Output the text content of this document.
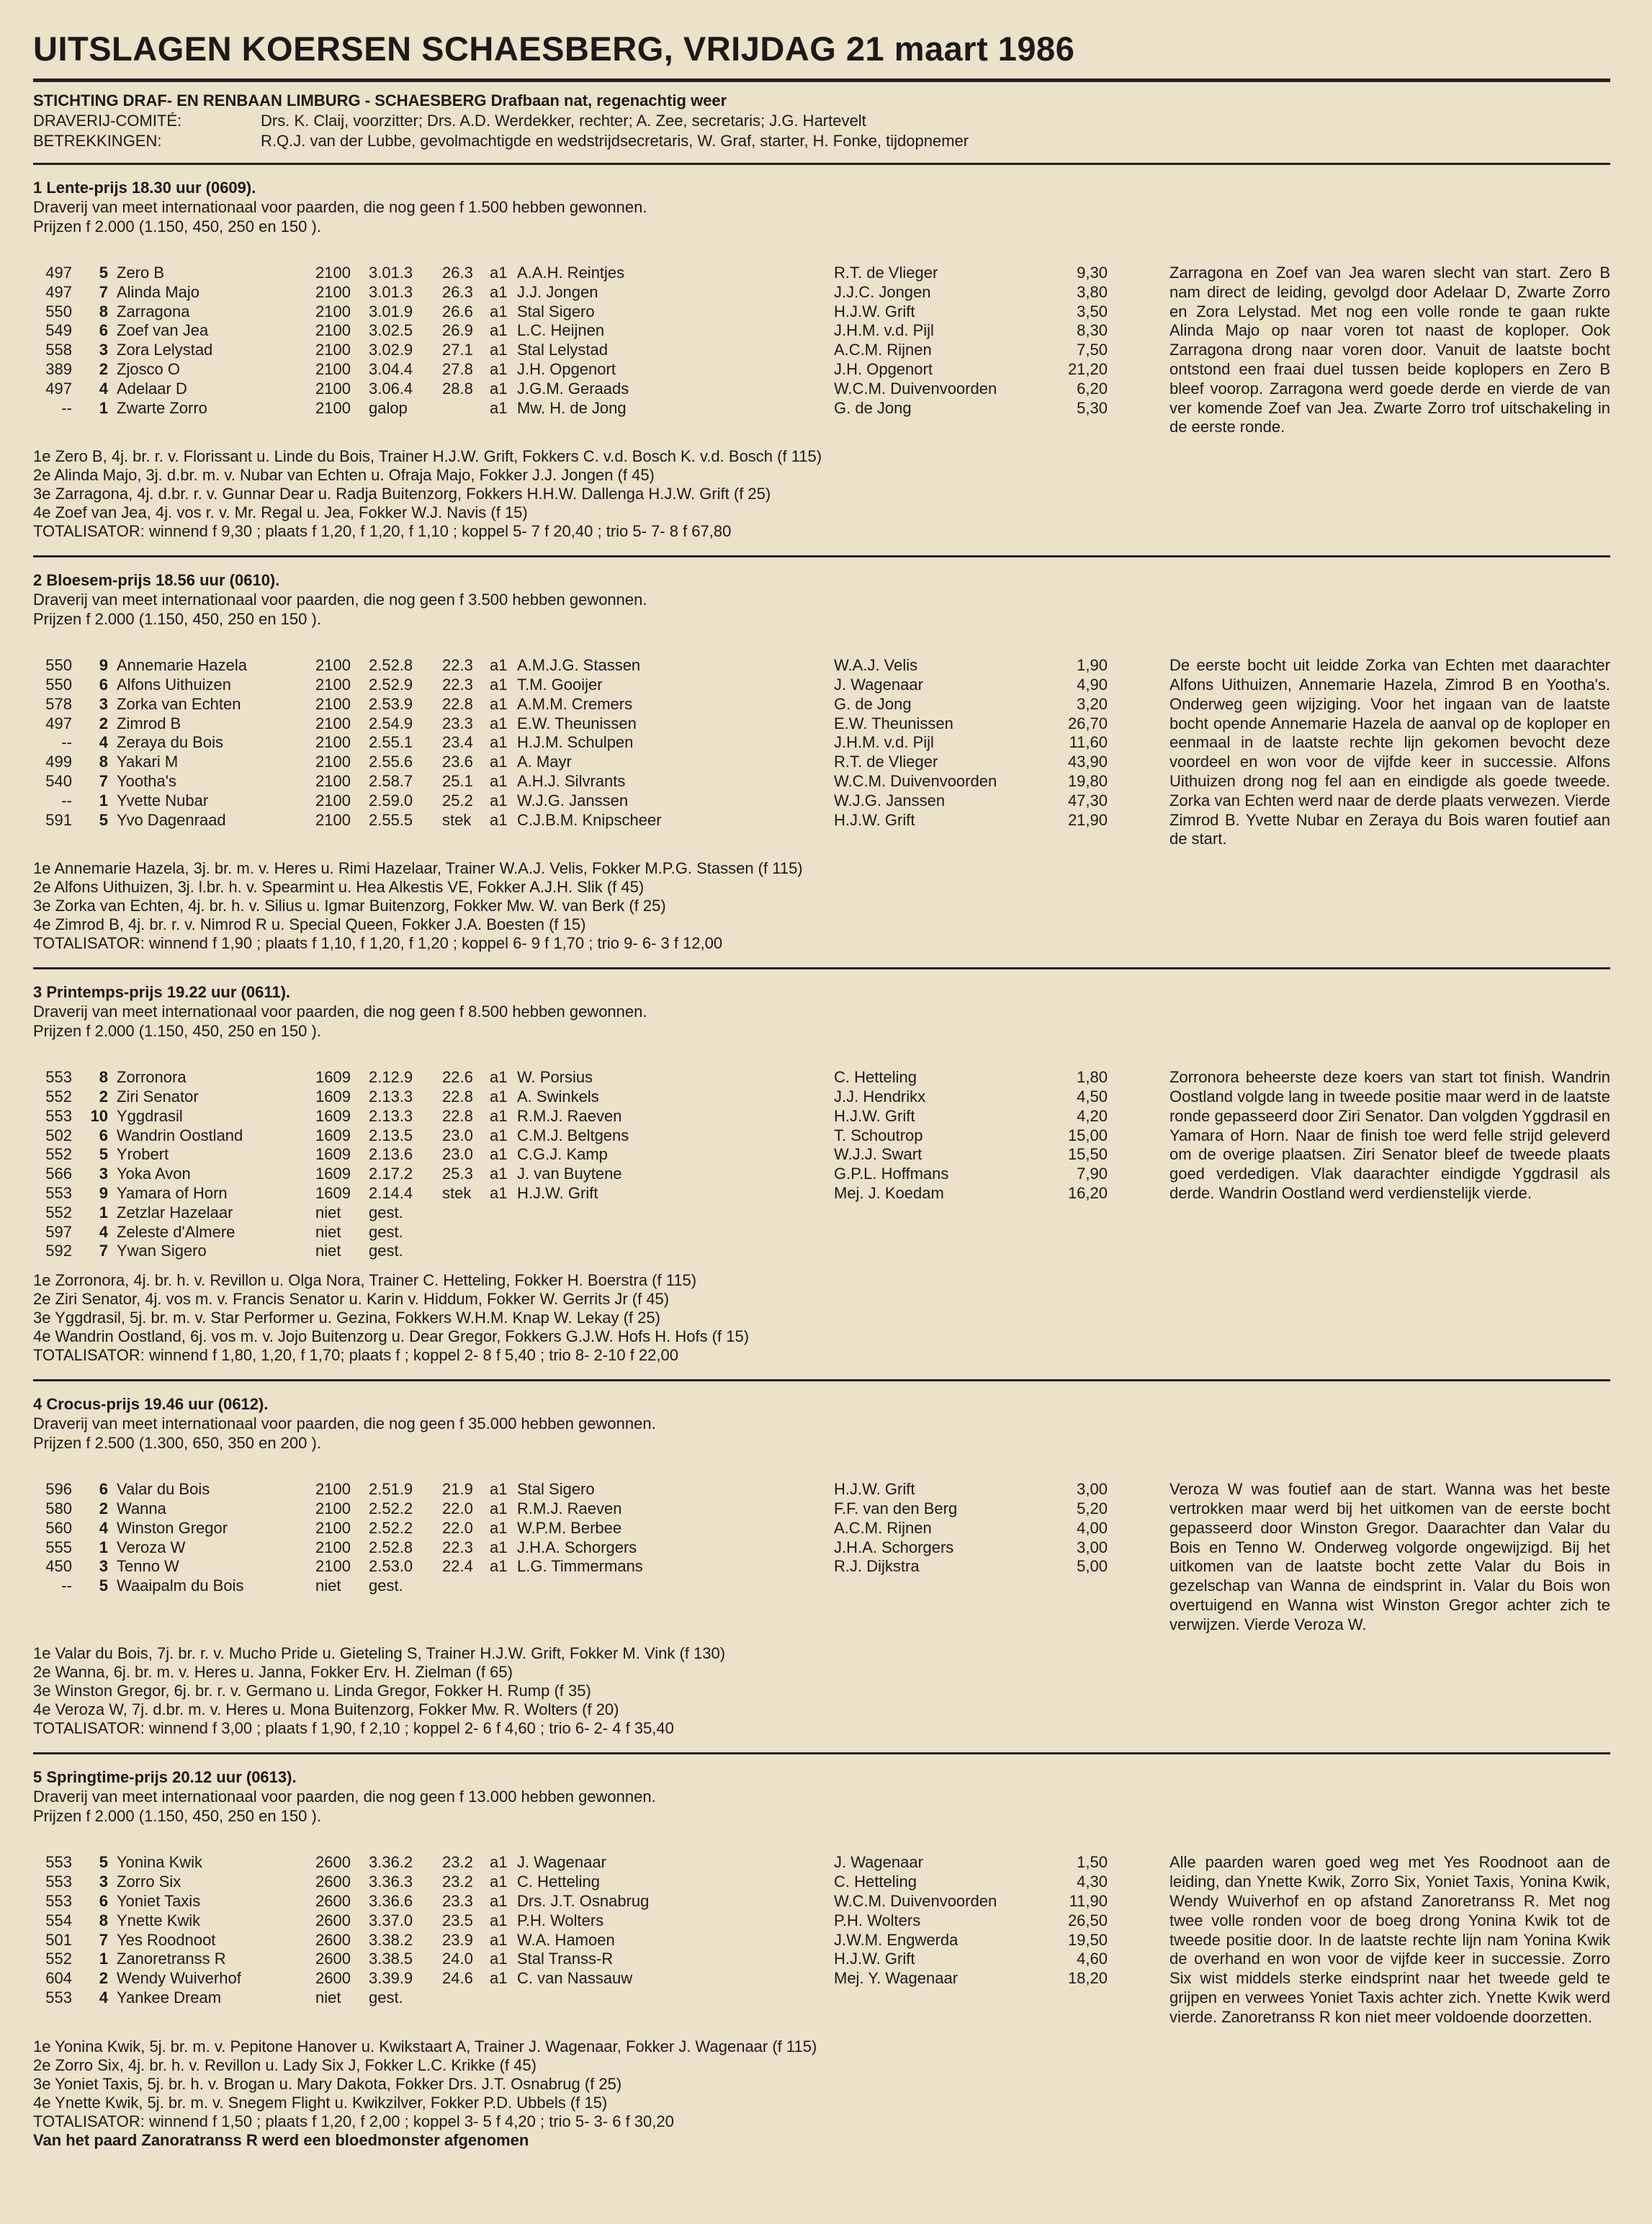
UITSLAGEN KOERSEN SCHAESBERG, VRIJDAG 21 maart 1986
STICHTING DRAF- EN RENBAAN LIMBURG - SCHAESBERG Drafbaan nat, regenachtig weer
DRAVERIJ-COMITÉ:	Drs. K. Claij, voorzitter; Drs. A.D. Werdekker, rechter; A. Zee, secretaris; J.G. Hartevelt
BETREKKINGEN:	R.Q.J. van der Lubbe, gevolmachtigde en wedstrijdsecretaris, W. Graf, starter, H. Fonke, tijdopnemer
1 Lente-prijs 18.30 uur (0609).
Draverij van meet internationaal voor paarden, die nog geen f 1.500 hebben gewonnen.
Prijzen f 2.000 (1.150, 450, 250 en 150 ).
497	5 Zero B	2100	3.01.3	26.3	a1 A.A.H. Reintjes	R.T. de Vlieger	9,30
497	7 Alinda Majo	2100	3.01.3	26.3	a1 J.J. Jongen	J.J.C. Jongen	3,80
550	8 Zarragona	2100	3.01.9	26.6	a1 Stal Sigero	H.J.W. Grift	3,50
549	6 Zoef van Jea	2100	3.02.5	26.9	a1 L.C. Heijnen	J.H.M. v.d. Pijl	8,30
558	3 Zora Lelystad	2100	3.02.9	27.1	a1 Stal Lelystad	A.C.M. Rijnen	7,50
389	2 Zjosco O	2100	3.04.4	27.8	a1 J.H. Opgenort	J.H. Opgenort	21,20
497	4 Adelaar D	2100	3.06.4	28.8	a1 J.G.M. Geraads	W.C.M. Duivenvoorden	6,20
--	1 Zwarte Zorro	2100	galop	a1 Mw. H. de Jong	G. de Jong	5,30
Zarragona en Zoef van Jea waren slecht van start. Zero B nam direct de leiding, gevolgd door Adelaar D, Zwarte Zorro en Zora Lelystad. Met nog een volle ronde te gaan rukte Alinda Majo op naar voren tot naast de koploper. Ook Zarragona drong naar voren door. Vanuit de laatste bocht ontstond een fraai duel tussen beide koplopers en Zero B bleef voorop. Zarragona werd goede derde en vierde de van ver komende Zoef van Jea. Zwarte Zorro trof uitschakeling in de eerste ronde.
1e Zero B, 4j. br. r. v. Florissant u. Linde du Bois, Trainer H.J.W. Grift, Fokkers C. v.d. Bosch K. v.d. Bosch (f 115)
2e Alinda Majo, 3j. d.br. m. v. Nubar van Echten u. Ofraja Majo, Fokker J.J. Jongen (f 45)
3e Zarragona, 4j. d.br. r. v. Gunnar Dear u. Radja Buitenzorg, Fokkers H.H.W. Dallenga H.J.W. Grift (f 25)
4e Zoef van Jea, 4j. vos r. v. Mr. Regal u. Jea, Fokker W.J. Navis (f 15)
TOTALISATOR: winnend f 9,30 ; plaats f 1,20, f 1,20, f 1,10 ; koppel 5- 7 f 20,40 ; trio 5- 7- 8 f 67,80
2 Bloesem-prijs 18.56 uur (0610).
Draverij van meet internationaal voor paarden, die nog geen f 3.500 hebben gewonnen.
Prijzen f 2.000 (1.150, 450, 250 en 150 ).
550	9 Annemarie Hazela	2100	2.52.8	22.3	a1 A.M.J.G. Stassen	W.A.J. Velis	1,90
550	6 Alfons Uithuizen	2100	2.52.9	22.3	a1 T.M. Gooijer	J. Wagenaar	4,90
578	3 Zorka van Echten	2100	2.53.9	22.8	a1 A.M.M. Cremers	G. de Jong	3,20
497	2 Zimrod B	2100	2.54.9	23.3	a1 E.W. Theunissen	E.W. Theunissen	26,70
--	4 Zeraya du Bois	2100	2.55.1	23.4	a1 H.J.M. Schulpen	J.H.M. v.d. Pijl	11,60
499	8 Yakari M	2100	2.55.6	23.6	a1 A. Mayr	R.T. de Vlieger	43,90
540	7 Yootha's	2100	2.58.7	25.1	a1 A.H.J. Silvrants	W.C.M. Duivenvoorden	19,80
--	1 Yvette Nubar	2100	2.59.0	25.2	a1 W.J.G. Janssen	W.J.G. Janssen	47,30
591	5 Yvo Dagenraad	2100	2.55.5	stek	a1 C.J.B.M. Knipscheer	H.J.W. Grift	21,90
De eerste bocht uit leidde Zorka van Echten met daarachter Alfons Uithuizen, Annemarie Hazela, Zimrod B en Yootha's. Onderweg geen wijziging. Voor het ingaan van de laatste bocht opende Annemarie Hazela de aanval op de koploper en eenmaal in de laatste rechte lijn gekomen bevocht deze voordeel en won voor de vijfde keer in successie. Alfons Uithuizen drong nog fel aan en eindigde als goede tweede. Zorka van Echten werd naar de derde plaats verwezen. Vierde Zimrod B. Yvette Nubar en Zeraya du Bois waren foutief aan de start.
1e Annemarie Hazela, 3j. br. m. v. Heres u. Rimi Hazelaar, Trainer W.A.J. Velis, Fokker M.P.G. Stassen (f 115)
2e Alfons Uithuizen, 3j. l.br. h. v. Spearmint u. Hea Alkestis VE, Fokker A.J.H. Slik (f 45)
3e Zorka van Echten, 4j. br. h. v. Silius u. Igmar Buitenzorg, Fokker Mw. W. van Berk (f 25)
4e Zimrod B, 4j. br. r. v. Nimrod R u. Special Queen, Fokker J.A. Boesten (f 15)
TOTALISATOR: winnend f 1,90 ; plaats f 1,10, f 1,20, f 1,20 ; koppel 6- 9 f 1,70 ; trio 9- 6- 3 f 12,00
3 Printemps-prijs 19.22 uur (0611).
Draverij van meet internationaal voor paarden, die nog geen f 8.500 hebben gewonnen.
Prijzen f 2.000 (1.150, 450, 250 en 150 ).
553	8 Zorronora	1609	2.12.9	22.6	a1 W. Porsius	C. Hetteling	1,80
552	2 Ziri Senator	1609	2.13.3	22.8	a1 A. Swinkels	J.J. Hendrikx	4,50
553	10 Yggdrasil	1609	2.13.3	22.8	a1 R.M.J. Raeven	H.J.W. Grift	4,20
502	6 Wandrin Oostland	1609	2.13.5	23.0	a1 C.M.J. Beltgens	T. Schoutrop	15,00
552	5 Yrobert	1609	2.13.6	23.0	a1 C.G.J. Kamp	W.J.J. Swart	15,50
566	3 Yoka Avon	1609	2.17.2	25.3	a1 J. van Buytene	G.P.L. Hoffmans	7,90
553	9 Yamara of Horn	1609	2.14.4	stek	a1 H.J.W. Grift	Mej. J. Koedam	16,20
552	1 Zetzlar Hazelaar	niet	gest.
597	4 Zeleste d'Almere	niet	gest.
592	7 Ywan Sigero	niet	gest.
Zorronora beheerste deze koers van start tot finish. Wandrin Oostland volgde lang in tweede positie maar werd in de laatste ronde gepasseerd door Ziri Senator. Dan volgden Yggdrasil en Yamara of Horn. Naar de finish toe werd felle strijd geleverd om de overige plaatsen. Ziri Senator bleef de tweede plaats goed verdedigen. Vlak daarachter eindigde Yggdrasil als derde. Wandrin Oostland werd verdienstelijk vierde.
1e Zorronora, 4j. br. h. v. Revillon u. Olga Nora, Trainer C. Hetteling, Fokker H. Boerstra (f 115)
2e Ziri Senator, 4j. vos m. v. Francis Senator u. Karin v. Hiddum, Fokker W. Gerrits Jr (f 45)
3e Yggdrasil, 5j. br. m. v. Star Performer u. Gezina, Fokkers W.H.M. Knap W. Lekay (f 25)
4e Wandrin Oostland, 6j. vos m. v. Jojo Buitenzorg u. Dear Gregor, Fokkers G.J.W. Hofs H. Hofs (f 15)
TOTALISATOR: winnend f 1,80, 1,20, f 1,70; plaats f ; koppel 2- 8 f 5,40 ; trio 8- 2-10 f 22,00
4 Crocus-prijs 19.46 uur (0612).
Draverij van meet internationaal voor paarden, die nog geen f 35.000 hebben gewonnen.
Prijzen f 2.500 (1.300, 650, 350 en 200 ).
596	6 Valar du Bois	2100	2.51.9	21.9	a1 Stal Sigero	H.J.W. Grift	3,00
580	2 Wanna	2100	2.52.2	22.0	a1 R.M.J. Raeven	F.F. van den Berg	5,20
560	4 Winston Gregor	2100	2.52.2	22.0	a1 W.P.M. Berbee	A.C.M. Rijnen	4,00
555	1 Veroza W	2100	2.52.8	22.3	a1 J.H.A. Schorgers	J.H.A. Schorgers	3,00
450	3 Tenno W	2100	2.53.0	22.4	a1 L.G. Timmermans	R.J. Dijkstra	5,00
--	5 Waaipalm du Bois	niet	gest.
Veroza W was foutief aan de start. Wanna was het beste vertrokken maar werd bij het uitkomen van de eerste bocht gepasseerd door Winston Gregor. Daarachter dan Valar du Bois en Tenno W. Onderweg volgorde ongewijzigd. Bij het uitkomen van de laatste bocht zette Valar du Bois in gezelschap van Wanna de eindsprint in. Valar du Bois won overtuigend en Wanna wist Winston Gregor achter zich te verwijzen. Vierde Veroza W.
1e Valar du Bois, 7j. br. r. v. Mucho Pride u. Gieteling S, Trainer H.J.W. Grift, Fokker M. Vink (f 130)
2e Wanna, 6j. br. m. v. Heres u. Janna, Fokker Erv. H. Zielman (f 65)
3e Winston Gregor, 6j. br. r. v. Germano u. Linda Gregor, Fokker H. Rump (f 35)
4e Veroza W, 7j. d.br. m. v. Heres u. Mona Buitenzorg, Fokker Mw. R. Wolters (f 20)
TOTALISATOR: winnend f 3,00 ; plaats f 1,90, f 2,10 ; koppel 2- 6 f 4,60 ; trio 6- 2- 4 f 35,40
5 Springtime-prijs 20.12 uur (0613).
Draverij van meet internationaal voor paarden, die nog geen f 13.000 hebben gewonnen.
Prijzen f 2.000 (1.150, 450, 250 en 150 ).
553	5 Yonina Kwik	2600	3.36.2	23.2	a1 J. Wagenaar	J. Wagenaar	1,50
553	3 Zorro Six	2600	3.36.3	23.2	a1 C. Hetteling	C. Hetteling	4,30
553	6 Yoniet Taxis	2600	3.36.6	23.3	a1 Drs. J.T. Osnabrug	W.C.M. Duivenvoorden	11,90
554	8 Ynette Kwik	2600	3.37.0	23.5	a1 P.H. Wolters	P.H. Wolters	26,50
501	7 Yes Roodnoot	2600	3.38.2	23.9	a1 W.A. Hamoen	J.W.M. Engwerda	19,50
552	1 Zanoretranss R	2600	3.38.5	24.0	a1 Stal Transs-R	H.J.W. Grift	4,60
604	2 Wendy Wuiverhof	2600	3.39.9	24.6	a1 C. van Nassauw	Mej. Y. Wagenaar	18,20
553	4 Yankee Dream	niet	gest.
Alle paarden waren goed weg met Yes Roodnoot aan de leiding, dan Ynette Kwik, Zorro Six, Yoniet Taxis, Yonina Kwik, Wendy Wuiverhof en op afstand Zanoretranss R. Met nog twee volle ronden voor de boeg drong Yonina Kwik tot de tweede positie door. In de laatste rechte lijn nam Yonina Kwik de overhand en won voor de vijfde keer in successie. Zorro Six wist middels sterke eindsprint naar het tweede geld te grijpen en verwees Yoniet Taxis achter zich. Ynette Kwik werd vierde. Zanoretranss R kon niet meer voldoende doorzetten.
1e Yonina Kwik, 5j. br. m. v. Pepitone Hanover u. Kwikstaart A, Trainer J. Wagenaar, Fokker J. Wagenaar (f 115)
2e Zorro Six, 4j. br. h. v. Revillon u. Lady Six J, Fokker L.C. Krikke (f 45)
3e Yoniet Taxis, 5j. br. h. v. Brogan u. Mary Dakota, Fokker Drs. J.T. Osnabrug (f 25)
4e Ynette Kwik, 5j. br. m. v. Snegem Flight u. Kwikzilver, Fokker P.D. Ubbels (f 15)
TOTALISATOR: winnend f 1,50 ; plaats f 1,20, f 2,00 ; koppel 3- 5 f 4,20 ; trio 5- 3- 6 f 30,20
Van het paard Zanoratranss R werd een bloedmonster afgenomen
